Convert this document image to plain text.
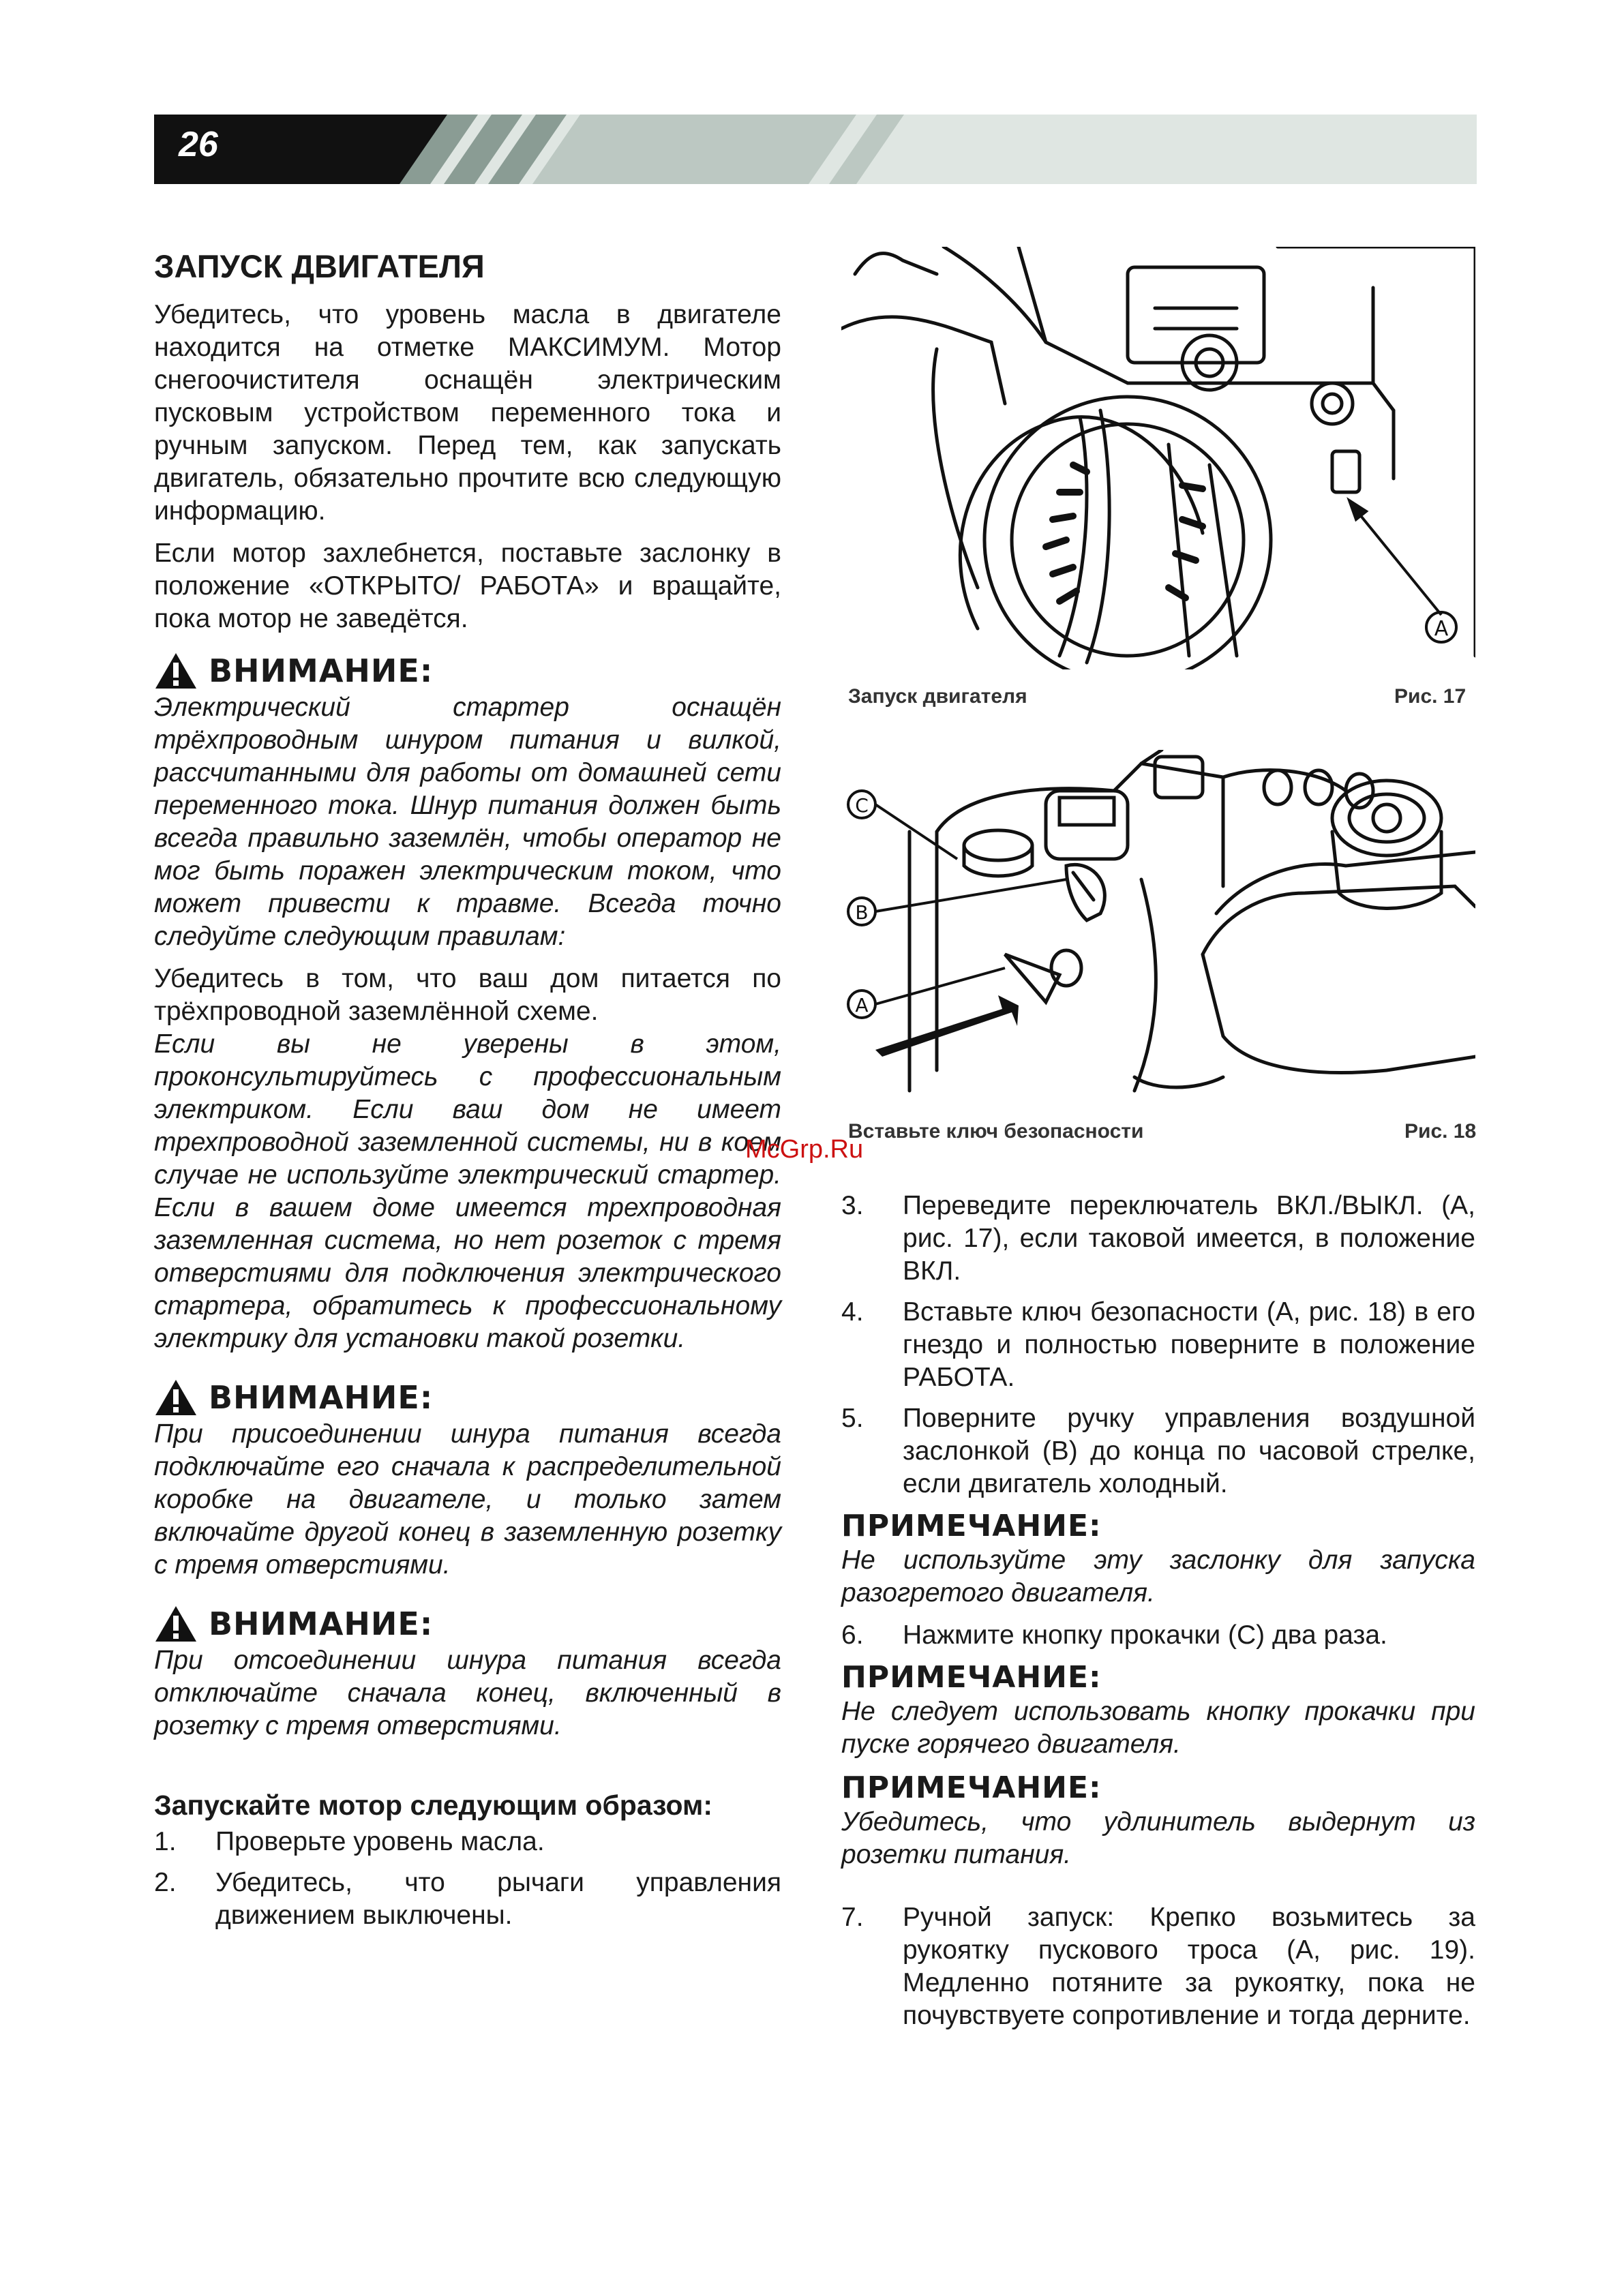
26
ЗАПУСК ДВИГАТЕЛЯ

Убедитесь, что уровень масла в двигателе находится на отметке МАКСИМУМ. Мотор снегоочистителя оснащён электрическим пусковым устройством переменного тока и ручным запуском. Перед тем, как запускать двигатель, обязательно прочтите всю следующую информацию.

Если мотор захлебнется, поставьте заслонку в положение «ОТКРЫТО/ РАБОТА» и вращайте, пока мотор не заведётся.

ВНИМАНИЕ:

Электрический стартер оснащён трёхпроводным шнуром питания и вилкой, рассчитанными для работы от домашней сети переменного тока. Шнур питания должен быть всегда правильно заземлён, чтобы оператор не мог быть поражен электрическим током, что может привести к травме. Всегда точно следуйте следующим правилам:

Убедитесь в том, что ваш дом питается по трёхпроводной заземлённой схеме.

Если вы не уверены в этом, проконсультируйтесь с профессиональным электриком. Если ваш дом не имеет трехпроводной заземленной системы, ни в коем случае не используйте электрический стартер. Если в вашем доме имеется трехпроводная заземленная система, но нет розеток с тремя отверстиями для подключения электрического стартера, обратитесь к профессиональному электрику для установки такой розетки.

ВНИМАНИЕ:

При присоединении шнура питания всегда подключайте его сначала к распределительной коробке на двигателе, и только затем включайте другой конец в заземленную розетку с тремя отверстиями.

ВНИМАНИЕ:

При отсоединении шнура питания всегда отключайте сначала конец, включенный в розетку с тремя отверстиями.

Запускайте мотор следующим образом:
1.	Проверьте уровень масла.
2.	Убедитесь, что рычаги управления движением выключены.
A
Запуск двигателя	Рис. 17
C
B
A
Вставьте ключ безопасности	Рис. 18
McGrp.Ru
3.	Переведите переключатель ВКЛ./ВЫКЛ. (А, рис. 17), если таковой имеется, в положение ВКЛ.
4.	Вставьте ключ безопасности (А, рис. 18) в его гнездо и полностью поверните в положение РАБОТА.
5.	Поверните ручку управления воздушной заслонкой (В) до конца по часовой стрелке, если двигатель холодный.
ПРИМЕЧАНИЕ:

Не используйте эту заслонку для запуска разогретого двигателя.

6.	Нажмите кнопку прокачки (С) два раза.
ПРИМЕЧАНИЕ:

Не следует использовать кнопку прокачки при пуске горячего двигателя.

ПРИМЕЧАНИЕ:

Убедитесь, что удлинитель выдернут из розетки питания.

7.	Ручной запуск: Крепко возьмитесь за рукоятку пускового троса (А, рис. 19). Медленно потяните за рукоятку, пока не почувствуете сопротивление и тогда дерните.
